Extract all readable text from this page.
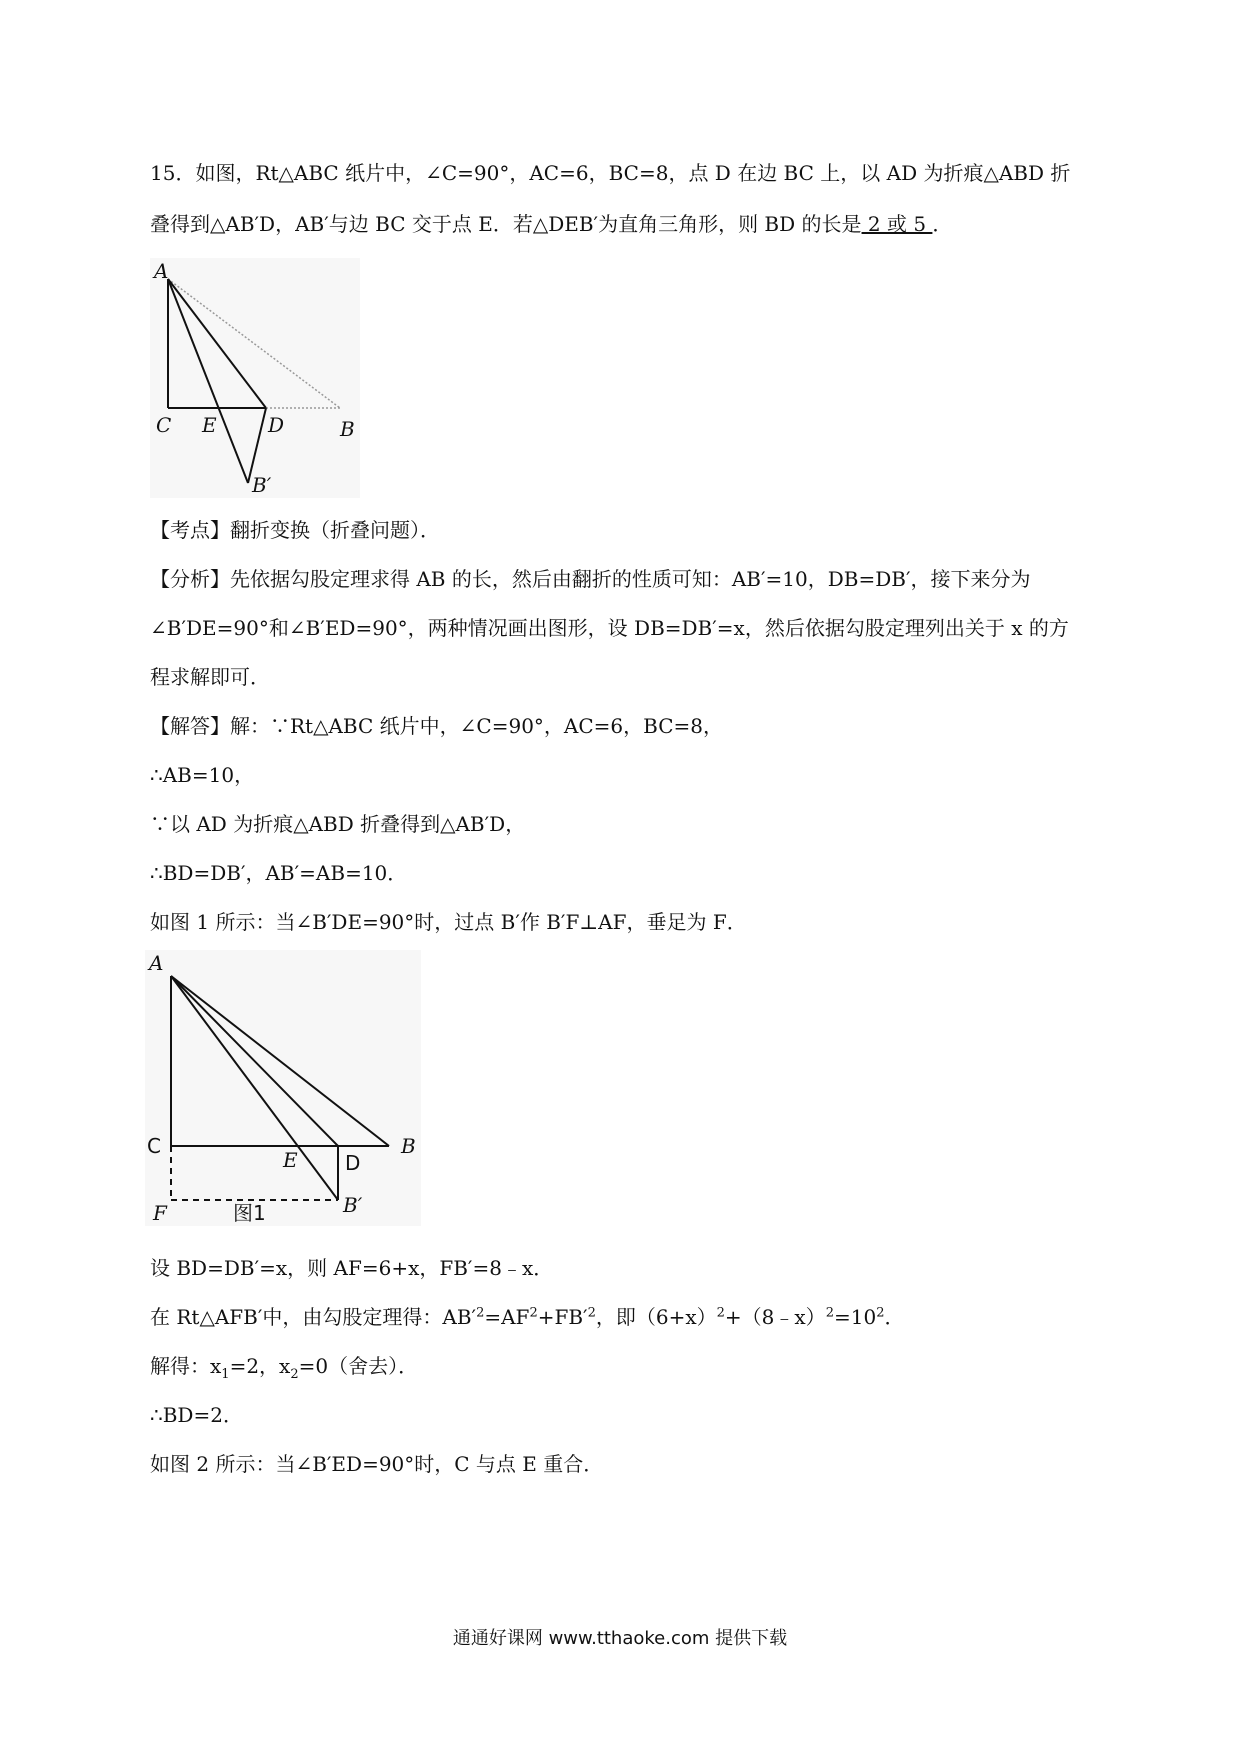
15．如图，Rt△ABC 纸片中，∠C=90°，AC=6，BC=8，点 D 在边 BC 上，以 AD 为折痕△ABD 折
叠得到△AB′D，AB′与边 BC 交于点 E．若△DEB′为直角三角形，则 BD 的长是 2 或 5 ．
A
C E	D	B
B′
【考点】翻折变换（折叠问题）．
【分析】先依据勾股定理求得 AB 的长，然后由翻折的性质可知：AB′=10，DB=DB′，接下来分为
∠B′DE=90°和∠B′ED=90°，两种情况画出图形，设 DB=DB′=x，然后依据勾股定理列出关于 x 的方
程求解即可．
【解答】解：∵Rt△ABC 纸片中，∠C=90°，AC=6，BC=8，
∴AB=10，
∵以 AD 为折痕△ABD 折叠得到△AB′D，
∴BD=DB′，AB′=AB=10．
如图 1 所示：当∠B′DE=90°时，过点 B′作 B′F⊥AF，垂足为 F．
A
C
E D
B
F	B′
图1
设 BD=DB′=x，则 AF=6+x，FB′=8﹣x．
在 Rt△AFB′中，由勾股定理得：$AB'^2=AF^2+FB'^2$，即$(6+x)^2+(8﹣x)^2=10^2$．
解得：$x_1=2$，$x_2=0$（舍去）．
∴BD=2．
如图 2 所示：当∠B′ED=90°时，C 与点 E 重合．
通通好课网 www.tthaoke.com 提供下载
